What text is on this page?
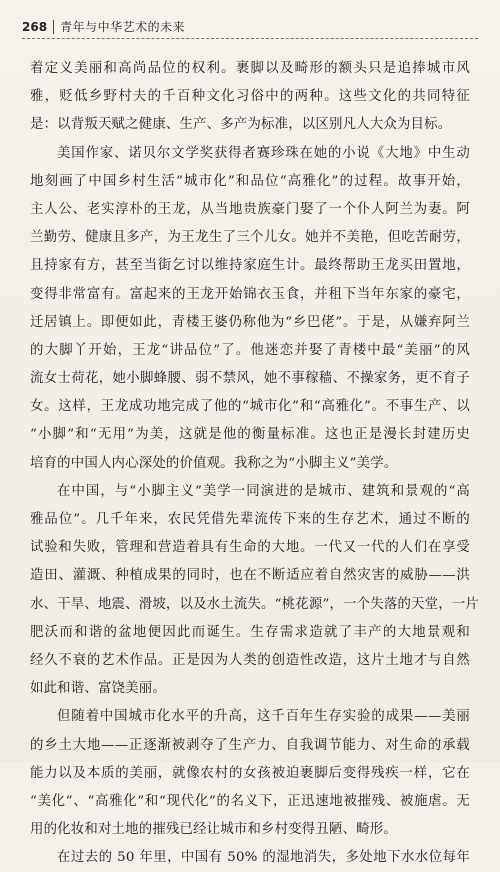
268 青年与中华艺术的未来
着定义美丽和高尚品位的权利。裹脚以及畸形的额头只是追捧城市风
雅，贬低乡野村夫的千百种文化习俗中的两种。这些文化的共同特征
是：以背叛天赋之健康、生产、多产为标准，以区别凡人大众为目标。
美国作家、诺贝尔文学奖获得者赛珍珠在她的小说《大地》中生动
地刻画了中国乡村生活“城市化”和品位“高雅化”的过程。故事开始，
主人公、老实淳朴的王龙，从当地贵族豪门娶了一个仆人阿兰为妻。阿
兰勤劳、健康且多产，为王龙生了三个儿女。她并不美艳，但吃苦耐劳，
且持家有方，甚至当街乞讨以维持家庭生计。最终帮助王龙买田置地，
变得非常富有。富起来的王龙开始锦衣玉食，并租下当年东家的豪宅，
迁居镇上。即便如此，青楼王婆仍称他为“乡巴佬”。于是，从嫌弃阿兰
的大脚丫开始，王龙“讲品位”了。他迷恋并娶了青楼中最“美丽”的风
流女士荷花，她小脚蜂腰、弱不禁风，她不事稼穑、不操家务，更不育子
女。这样，王龙成功地完成了他的“城市化”和“高雅化”。不事生产、以
“小脚”和“无用”为美，这就是他的衡量标准。这也正是漫长封建历史
培育的中国人内心深处的价值观。我称之为“小脚主义”美学。
在中国，与“小脚主义”美学一同演进的是城市、建筑和景观的“高
雅品位”。几千年来，农民凭借先辈流传下来的生存艺术，通过不断的
试验和失败，管理和营造着具有生命的大地。一代又一代的人们在享受
造田、灌溉、种植成果的同时，也在不断适应着自然灾害的威胁——洪
水、干旱、地震、滑坡，以及水土流失。“桃花源”，一个失落的天堂，一片
肥沃而和谐的盆地便因此而诞生。生存需求造就了丰产的大地景观和
经久不衰的艺术作品。正是因为人类的创造性改造，这片土地才与自然
如此和谐、富饶美丽。
但随着中国城市化水平的升高，这千百年生存实验的成果——美丽
的乡土大地——正逐渐被剥夺了生产力、自我调节能力、对生命的承载
能力以及本质的美丽，就像农村的女孩被迫裹脚后变得残疾一样，它在
“美化”、“高雅化”和“现代化”的名义下，正迅速地被摧残、被施虐。无
用的化妆和对土地的摧残已经让城市和乡村变得丑陋、畸形。
在过去的 50 年里，中国有 50% 的湿地消失，多处地下水水位每年
